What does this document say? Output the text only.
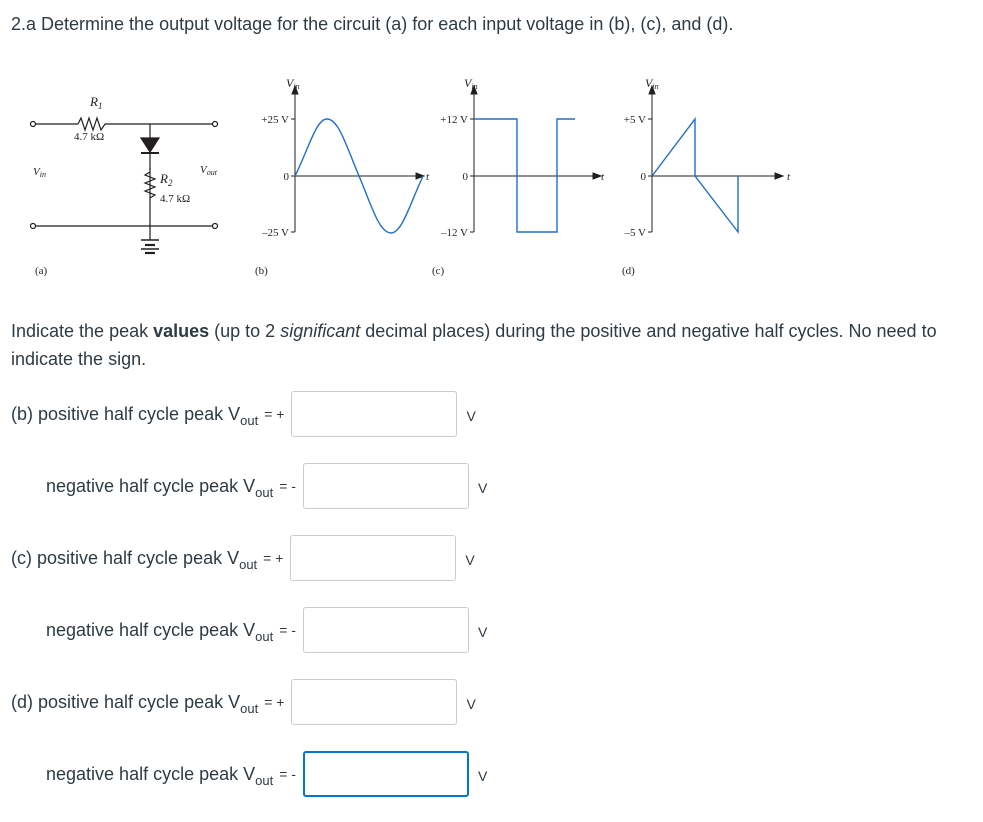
2.a Determine the output voltage for the circuit (a) for each input voltage in (b), (c), and (d).
$R_1$
4.7 kΩ
$R_2$
4.7 kΩ
Vin	Vout
(a)
Vin
+25 V
0
–25 V
t
(b)
Vin
+12 V
0
–12 V
t
(c)
Vin
+5 V
0
–5 V
t
(d)

Indicate the peak values (up to 2 significant decimal places) during the positive and negative half cycles. No need to indicate the sign.

(b) positive half cycle peak $V_{out}$ = +	V
negative half cycle peak $V_{out}$ = -	V
(c) positive half cycle peak $V_{out}$ = +	V
negative half cycle peak $V_{out}$ = -	V
(d) positive half cycle peak $V_{out}$ = +	V
negative half cycle peak $V_{out}$ = -	V
